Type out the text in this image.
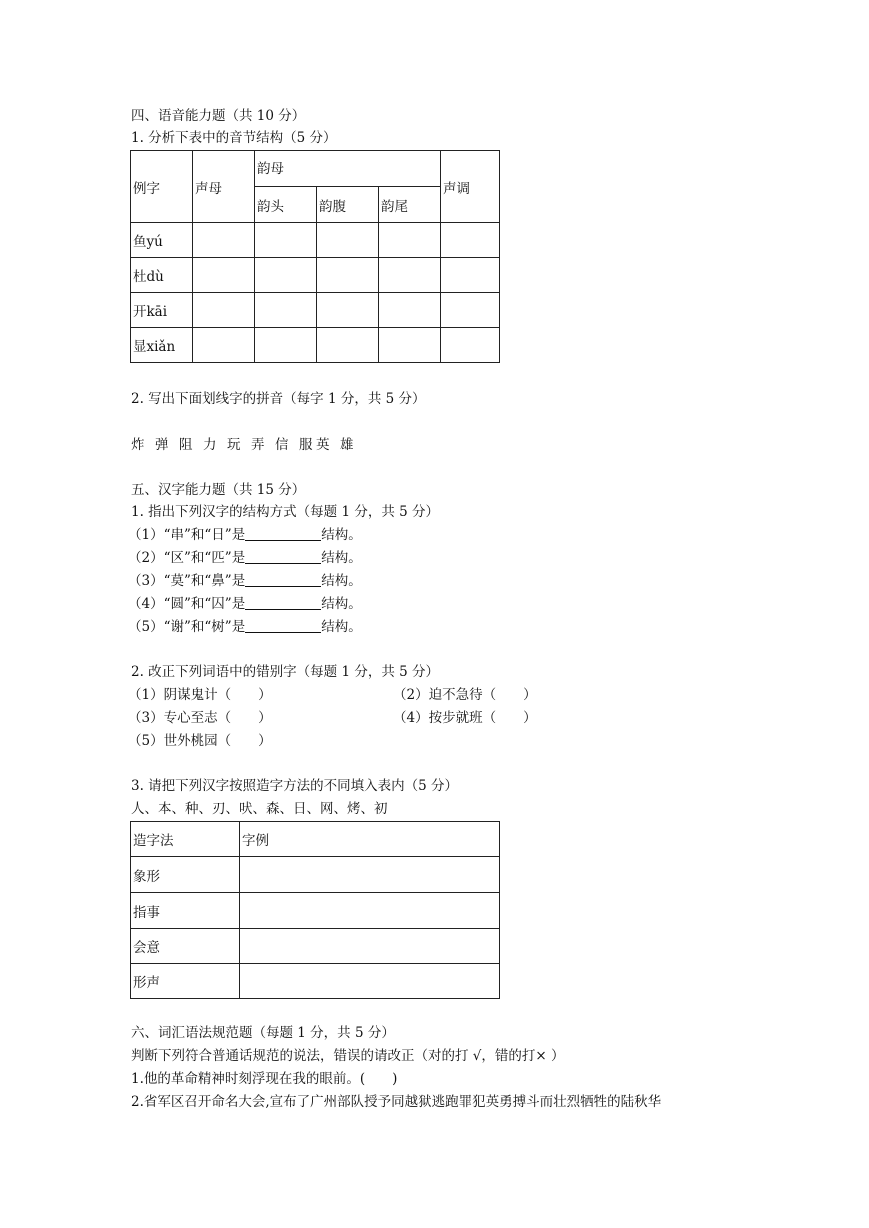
四、语音能力题（共 10 分）
1. 分析下表中的音节结构（5 分）
例字	声母	韵母			声调
		韵头	韵腹	韵尾	
鱼yú					
杜dù					
开kāi					
显xiǎn					
2. 写出下面划线字的拼音（每字 1 分，共 5 分）
炸 弹 阻 力 玩 弄 信 服 英 雄
五、汉字能力题（共 15 分）
1. 指出下列汉字的结构方式（每题 1 分，共 5 分）
（1）“串”和“日”是	结构。
（2）“区”和“匹”是	结构。
（3）“莫”和“鼻”是	结构。
（4）“圆”和“囚”是	结构。
（5）“谢”和“树”是	结构。
2. 改正下列词语中的错别字（每题 1 分，共 5 分）
（1）阴谋鬼计（　　）	（2）迫不急待（　　）
（3）专心至志（　　）	（4）按步就班（　　）
（5）世外桃园（　　）
3. 请把下列汉字按照造字方法的不同填入表内（5 分）
人、本、种、刃、吠、森、日、网、烤、初
造字法	字例
象形	
指事	
会意	
形声	
六、词汇语法规范题（每题 1 分，共 5 分）
判断下列符合普通话规范的说法，错误的请改正（对的打 √，错的打× ）
1.他的革命精神时刻浮现在我的眼前。(　　)
2.省军区召开命名大会,宣布了广州部队授予同越狱逃跑罪犯英勇搏斗而壮烈牺牲的陆秋华
